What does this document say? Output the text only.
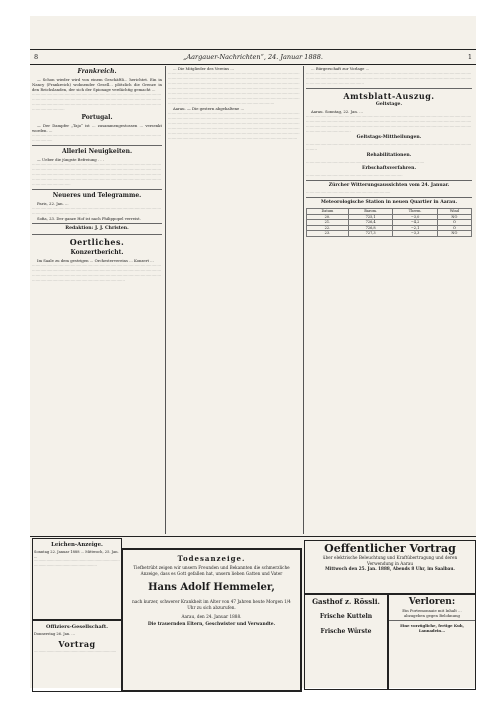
8	„Aargauer-Nachrichten“, 24. Januar 1888.	1
Frankreich.
— Schon wieder wird von einem Geschäftli... herichtet. Ein in Nancy (Frankreich) wohnender Gesell... plötzlich die Grenze in den Reichslanden, der sich der Spionage verdächtig gemacht ...
····························································································································································································································································································································································
Portugal.
— Der Dampfer „Tajo“ ist ... zusammengestossen ... versenkt worden. ...
····························································································································
Allerlei Neuigkeiten.
— Ueber die jüngste Befreiung . . .
············································································································································································································································································································································································································································································
Neueres und Telegramme.
Paris, 22. Jan. ...
··························································································································································
Sofia, 23. Der ganze Hof ist nach Philippopel verreist.
Redaktion: J. J. Christen.
Oertliches.
Konzertbericht.
Im Saale zu dem gestrigen ... Orchestervereins ... Konzert ...
··············································································································································································································································································································································································································
... Die Mitglieder des Vereins ...
······································································································································································································································································································································································································································································································································································································································································································································································
Aarau. — Die gestern abgehaltene ...
············································································································································································································································································································································································································································································································································································································································································
... Bürgerschaft zur Vorlage ...
··································································································································································································································································································································
Amtsblatt-Auszug.
Geltstage.
Aarau. Sonntag, 22. Jan. ...
································································································································································································································································································································································································································································
Geltstags-Mittheilungen.
··················································································································································
Rehabilitationen.
··································································································
Erbschaftsverfahren.
················································································
Zürcher Witterungsaussichten vom 24. Januar.
······································································
Meteorologische Station in neuen Quartier in Aarau.
Datum	Barom.	Therm.	Wind
20.	725,1	−3,0	NO
21.	726,4	−4,2	O
22.	726,8	−2,1	O
23.	727,3	−3,3	NO
Leichen-Anzeige.
Sonntag 22. Januar 1888 ... Mittwoch, 25. Jan. ...
··································································································································
Offiziers-Gesellschaft.
Donnerstag 26. Jan. ...
Vortrag
········································································
Todesanzeige.
Tiefbetrübt zeigen wir unsern Freunden und Bekannten die schmerzliche Anzeige, dass es Gott gefallen hat, unsern lieben Gatten und Vater
Hans Adolf Hemmeler,
nach kurzer, schwerer Krankheit im Alter von 47 Jahren heute Morgen 1/4 Uhr zu sich abzurufen.
Aarau, den 24. Januar 1888.
Die trauernden Eltern, Geschwister und Verwandte.
Oeffentlicher Vortrag
über elektrische Beleuchtung und Kraftübertragung und deren Verwendung in Aarau
Mittwoch den 25. Jan. 1888, Abends 8 Uhr, im Saalbau.
Gasthof z. Rössli.
Frische Kutteln
Frische Würste
Verloren:
Ein Portemonnaie mit Inhalt ... abzugeben gegen Belohnung
Eine vorzügliche, fertige Kuh, Lannadein...
